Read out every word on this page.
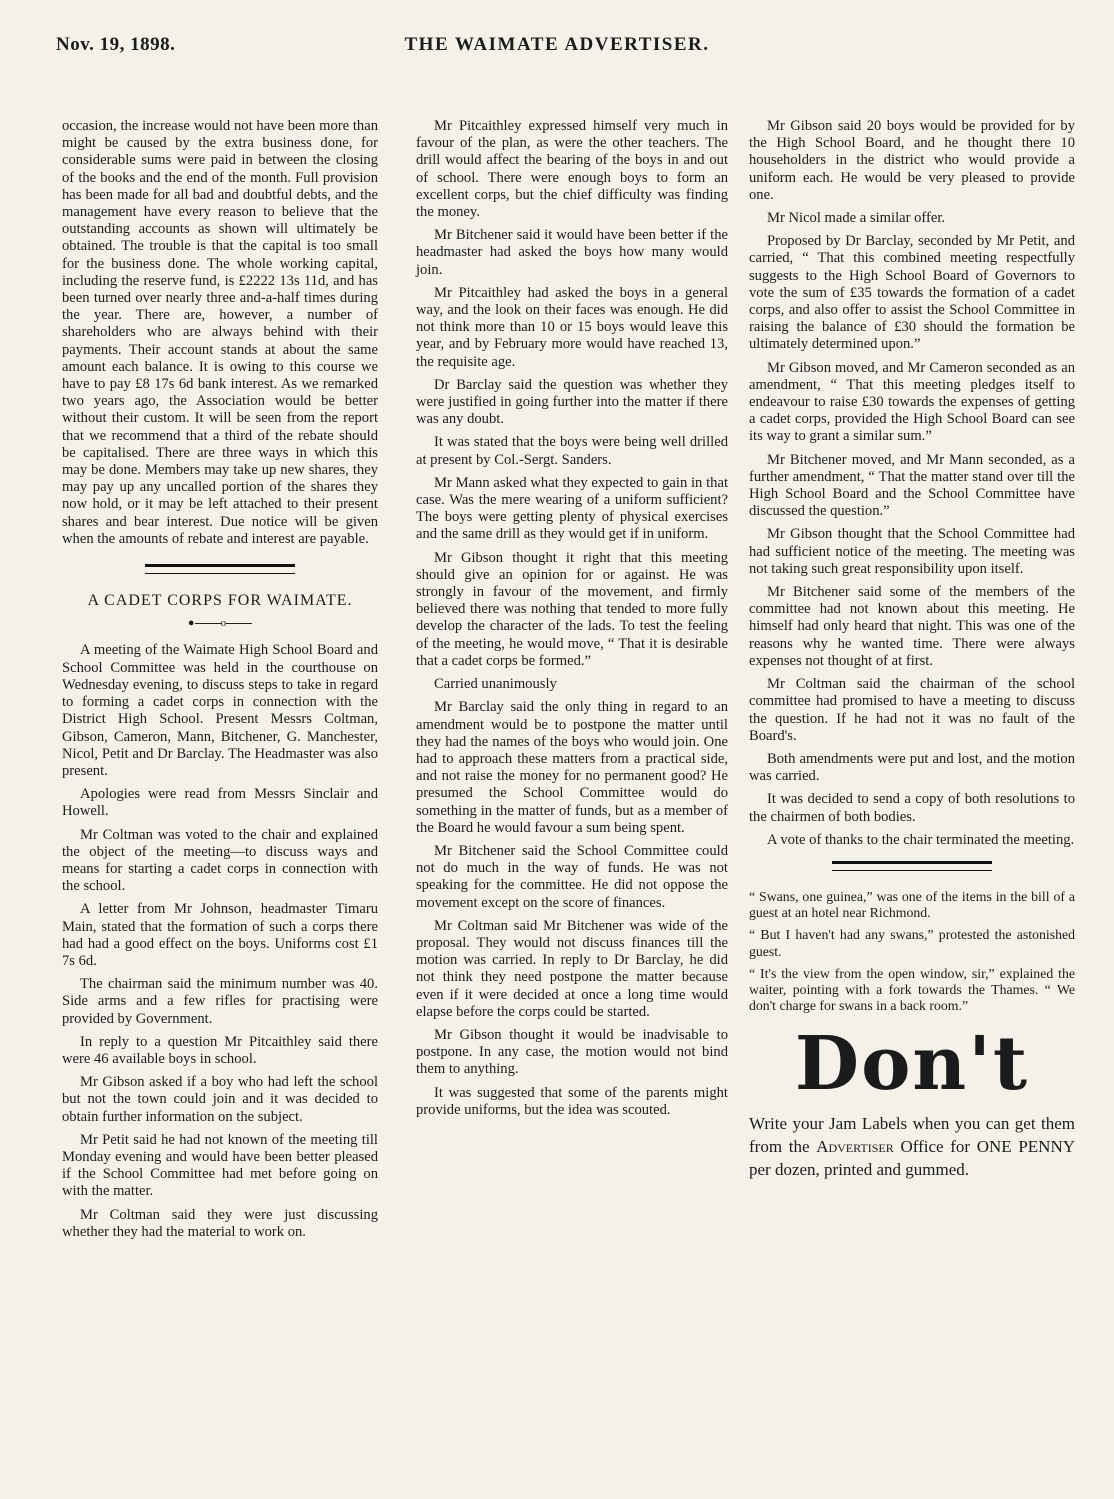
Nov. 19, 1898.	THE WAIMATE ADVERTISER.

occasion, the increase would not have been more than might be caused by the extra business done, for considerable sums were paid in between the closing of the books and the end of the month. Full provision has been made for all bad and doubtful debts, and the management have every reason to believe that the outstanding accounts as shown will ultimately be obtained. The trouble is that the capital is too small for the business done. The whole working capital, including the reserve fund, is £2222 13s 11d, and has been turned over nearly three and-a-half times during the year. There are, however, a number of shareholders who are always behind with their payments. Their account stands at about the same amount each balance. It is owing to this course we have to pay £8 17s 6d bank interest. As we remarked two years ago, the Association would be better without their custom. It will be seen from the report that we recommend that a third of the rebate should be capitalised. There are three ways in which this may be done. Members may take up new shares, they may pay up any uncalled portion of the shares they now hold, or it may be left attached to their present shares and bear interest. Due notice will be given when the amounts of rebate and interest are payable.

A CADET CORPS FOR WAIMATE.
● o

A meeting of the Waimate High School Board and School Committee was held in the courthouse on Wednesday evening, to discuss steps to take in regard to forming a cadet corps in connection with the District High School. Present Messrs Coltman, Gibson, Cameron, Mann, Bitchener, G. Manchester, Nicol, Petit and Dr Barclay. The Headmaster was also present.

Apologies were read from Messrs Sinclair and Howell.

Mr Coltman was voted to the chair and explained the object of the meeting—to discuss ways and means for starting a cadet corps in connection with the school.

A letter from Mr Johnson, headmaster Timaru Main, stated that the formation of such a corps there had had a good effect on the boys. Uniforms cost £1 7s 6d.

The chairman said the minimum number was 40. Side arms and a few rifles for practising were provided by Government.

In reply to a question Mr Pitcaithley said there were 46 available boys in school.

Mr Gibson asked if a boy who had left the school but not the town could join and it was decided to obtain further information on the subject.

Mr Petit said he had not known of the meeting till Monday evening and would have been better pleased if the School Committee had met before going on with the matter.

Mr Coltman said they were just discussing whether they had the material to work on.

Mr Pitcaithley expressed himself very much in favour of the plan, as were the other teachers. The drill would affect the bearing of the boys in and out of school. There were enough boys to form an excellent corps, but the chief difficulty was finding the money.

Mr Bitchener said it would have been better if the headmaster had asked the boys how many would join.

Mr Pitcaithley had asked the boys in a general way, and the look on their faces was enough. He did not think more than 10 or 15 boys would leave this year, and by February more would have reached 13, the requisite age.

Dr Barclay said the question was whether they were justified in going further into the matter if there was any doubt.

It was stated that the boys were being well drilled at present by Col.-Sergt. Sanders.

Mr Mann asked what they expected to gain in that case. Was the mere wearing of a uniform sufficient? The boys were getting plenty of physical exercises and the same drill as they would get if in uniform.

Mr Gibson thought it right that this meeting should give an opinion for or against. He was strongly in favour of the movement, and firmly believed there was nothing that tended to more fully develop the character of the lads. To test the feeling of the meeting, he would move, “ That it is desirable that a cadet corps be formed.”

Carried unanimously

Mr Barclay said the only thing in regard to an amendment would be to postpone the matter until they had the names of the boys who would join. One had to approach these matters from a practical side, and not raise the money for no permanent good? He presumed the School Committee would do something in the matter of funds, but as a member of the Board he would favour a sum being spent.

Mr Bitchener said the School Committee could not do much in the way of funds. He was not speaking for the committee. He did not oppose the movement except on the score of finances.

Mr Coltman said Mr Bitchener was wide of the proposal. They would not discuss finances till the motion was carried. In reply to Dr Barclay, he did not think they need postpone the matter because even if it were decided at once a long time would elapse before the corps could be started.

Mr Gibson thought it would be inadvisable to postpone. In any case, the motion would not bind them to anything.

It was suggested that some of the parents might provide uniforms, but the idea was scouted.

Mr Gibson said 20 boys would be provided for by the High School Board, and he thought there 10 householders in the district who would provide a uniform each. He would be very pleased to provide one.

Mr Nicol made a similar offer.

Proposed by Dr Barclay, seconded by Mr Petit, and carried, “ That this combined meeting respectfully suggests to the High School Board of Governors to vote the sum of £35 towards the formation of a cadet corps, and also offer to assist the School Committee in raising the balance of £30 should the formation be ultimately determined upon.”

Mr Gibson moved, and Mr Cameron seconded as an amendment, “ That this meeting pledges itself to endeavour to raise £30 towards the expenses of getting a cadet corps, provided the High School Board can see its way to grant a similar sum.”

Mr Bitchener moved, and Mr Mann seconded, as a further amendment, “ That the matter stand over till the High School Board and the School Committee have discussed the question.”

Mr Gibson thought that the School Committee had had sufficient notice of the meeting. The meeting was not taking such great responsibility upon itself.

Mr Bitchener said some of the members of the committee had not known about this meeting. He himself had only heard that night. This was one of the reasons why he wanted time. There were always expenses not thought of at first.

Mr Coltman said the chairman of the school committee had promised to have a meeting to discuss the question. If he had not it was no fault of the Board's.

Both amendments were put and lost, and the motion was carried.

It was decided to send a copy of both resolutions to the chairmen of both bodies.

A vote of thanks to the chair terminated the meeting.

“ Swans, one guinea,” was one of the items in the bill of a guest at an hotel near Richmond.

“ But I haven't had any swans,” protested the astonished guest.

“ It's the view from the open window, sir,” explained the waiter, pointing with a fork towards the Thames. “ We don't charge for swans in a back room.”

Don't

Write your Jam Labels when you can get them from the Advertiser Office for ONE PENNY per dozen, printed and gummed.
